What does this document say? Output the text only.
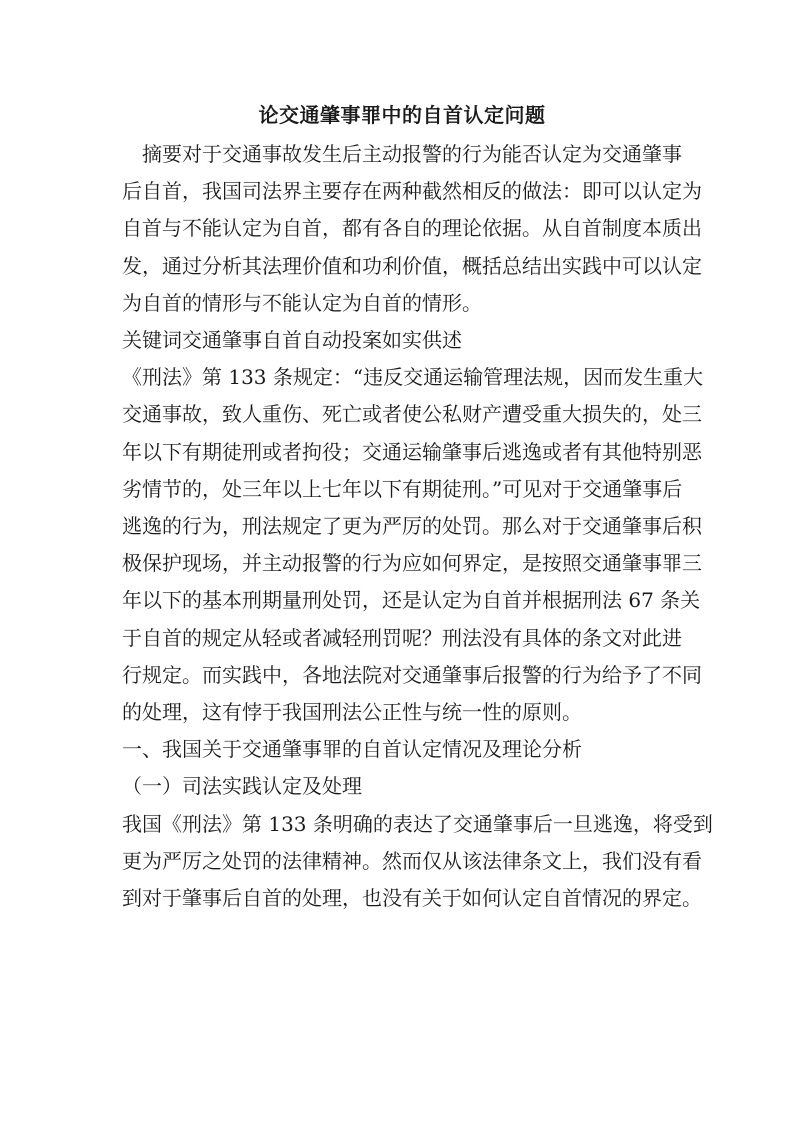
论交通肇事罪中的自首认定问题
摘要对于交通事故发生后主动报警的行为能否认定为交通肇事
后自首，我国司法界主要存在两种截然相反的做法：即可以认定为
自首与不能认定为自首，都有各自的理论依据。从自首制度本质出
发，通过分析其法理价值和功利价值，概括总结出实践中可以认定
为自首的情形与不能认定为自首的情形。
关键词交通肇事自首自动投案如实供述
《刑法》第 133 条规定：“违反交通运输管理法规，因而发生重大
交通事故，致人重伤、死亡或者使公私财产遭受重大损失的，处三
年以下有期徒刑或者拘役；交通运输肇事后逃逸或者有其他特别恶
劣情节的，处三年以上七年以下有期徒刑。”可见对于交通肇事后
逃逸的行为，刑法规定了更为严厉的处罚。那么对于交通肇事后积
极保护现场，并主动报警的行为应如何界定，是按照交通肇事罪三
年以下的基本刑期量刑处罚，还是认定为自首并根据刑法 67 条关
于自首的规定从轻或者减轻刑罚呢？刑法没有具体的条文对此进
行规定。而实践中，各地法院对交通肇事后报警的行为给予了不同
的处理，这有悖于我国刑法公正性与统一性的原则。
一、我国关于交通肇事罪的自首认定情况及理论分析
（一）司法实践认定及处理
我国《刑法》第 133 条明确的表达了交通肇事后一旦逃逸，将受到
更为严厉之处罚的法律精神。然而仅从该法律条文上，我们没有看
到对于肇事后自首的处理，也没有关于如何认定自首情况的界定。
